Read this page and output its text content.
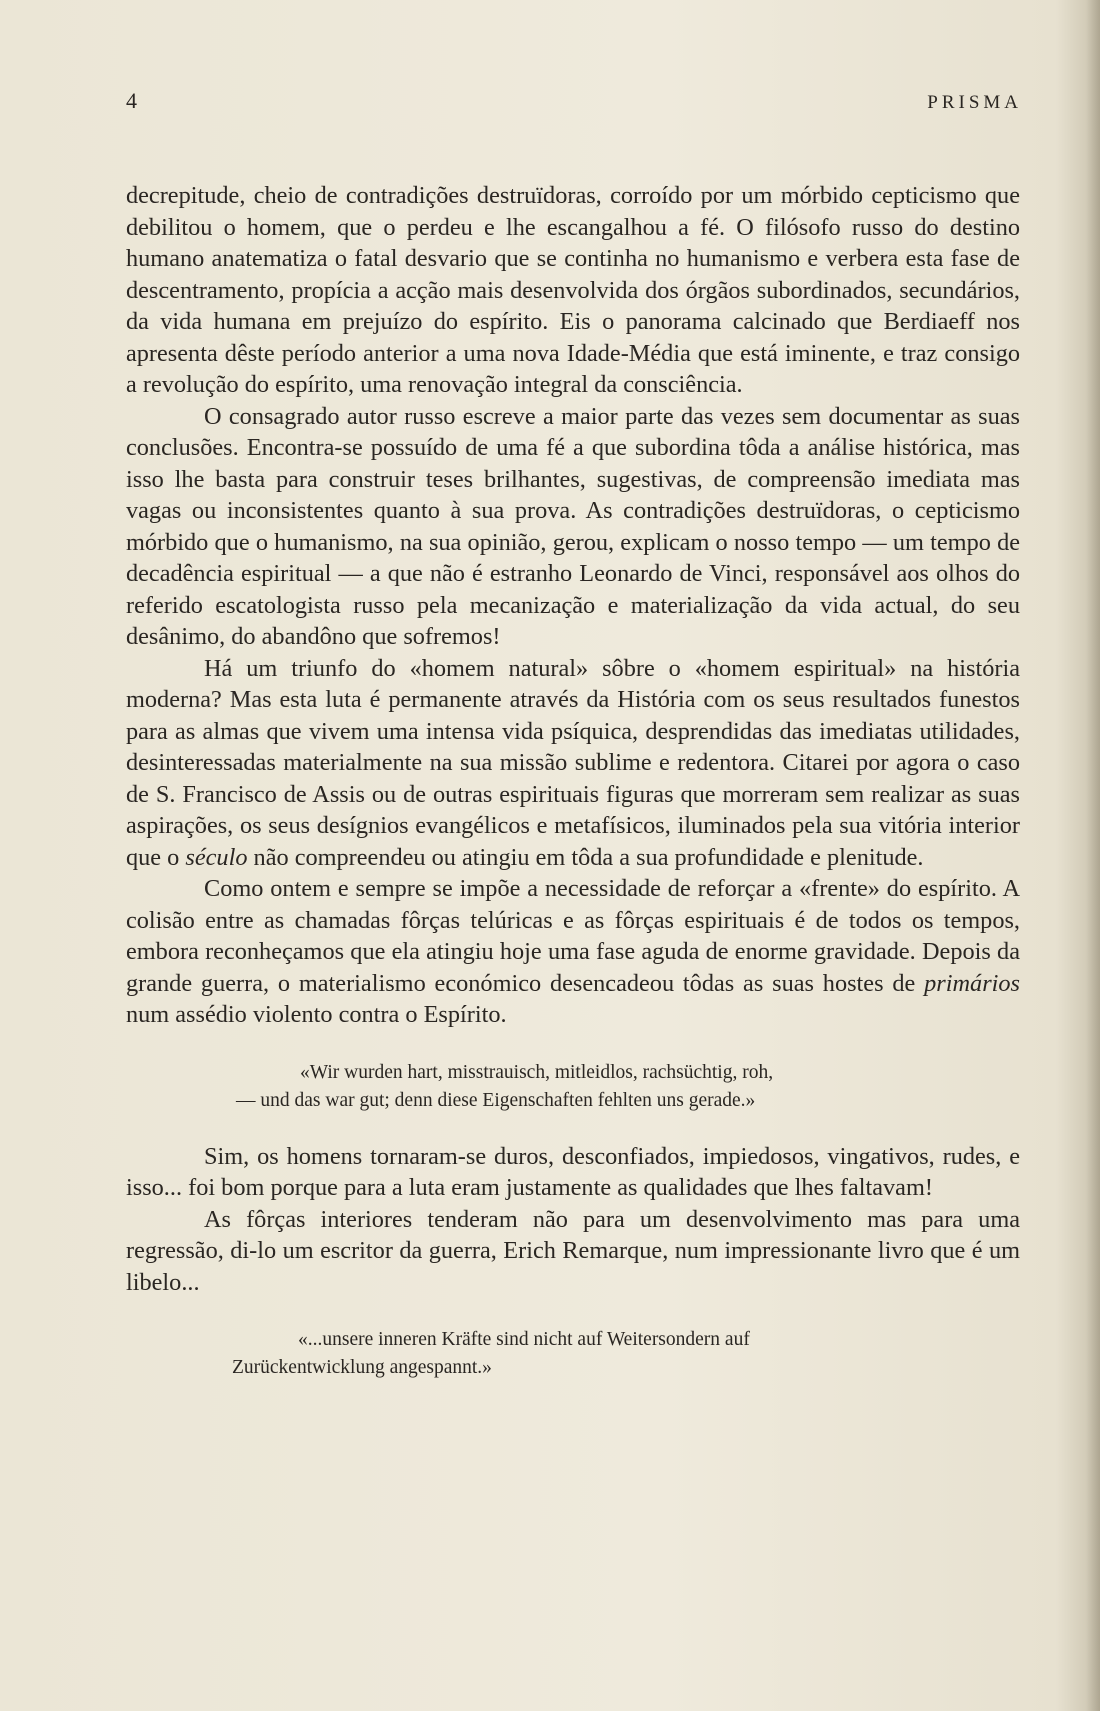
4	PRISMA

decrepitude, cheio de contradições destruïdoras, corroído por um mórbido cepticismo que debilitou o homem, que o perdeu e lhe escangalhou a fé. O filósofo russo do destino humano anatematiza o fatal desvario que se continha no humanismo e verbera esta fase de descentramento, propícia a acção mais desenvolvida dos órgãos subordinados, secundários, da vida humana em prejuízo do espírito. Eis o panorama calcinado que Berdiaeff nos apresenta dêste período anterior a uma nova Idade-Média que está iminente, e traz consigo a revolução do espírito, uma renovação integral da consciência.

O consagrado autor russo escreve a maior parte das vezes sem documentar as suas conclusões. Encontra-se possuído de uma fé a que subordina tôda a análise histórica, mas isso lhe basta para construir teses brilhantes, sugestivas, de compreensão imediata mas vagas ou inconsistentes quanto à sua prova. As contradições destruïdoras, o cepticismo mórbido que o humanismo, na sua opinião, gerou, explicam o nosso tempo — um tempo de decadência espiritual — a que não é estranho Leonardo de Vinci, responsável aos olhos do referido escatologista russo pela mecanização e materialização da vida actual, do seu desânimo, do abandôno que sofremos!

Há um triunfo do «homem natural» sôbre o «homem espiritual» na história moderna? Mas esta luta é permanente através da História com os seus resultados funestos para as almas que vivem uma intensa vida psíquica, desprendidas das imediatas utilidades, desinteressadas materialmente na sua missão sublime e redentora. Citarei por agora o caso de S. Francisco de Assis ou de outras espirituais figuras que morreram sem realizar as suas aspirações, os seus desígnios evangélicos e metafísicos, iluminados pela sua vitória interior que o século não compreendeu ou atingiu em tôda a sua profundidade e plenitude.

Como ontem e sempre se impõe a necessidade de reforçar a «frente» do espírito. A colisão entre as chamadas fôrças telúricas e as fôrças espirituais é de todos os tempos, embora reconheçamos que ela atingiu hoje uma fase aguda de enorme gravidade. Depois da grande guerra, o materialismo económico desencadeou tôdas as suas hostes de primários num assédio violento contra o Espírito.

«Wir wurden hart, misstrauisch, mitleidlos, rachsüchtig, roh,
— und das war gut; denn diese Eigenschaften fehlten uns gerade.»

Sim, os homens tornaram-se duros, desconfiados, impiedosos, vingativos, rudes, e isso... foi bom porque para a luta eram justamente as qualidades que lhes faltavam!

As fôrças interiores tenderam não para um desenvolvimento mas para uma regressão, di-lo um escritor da guerra, Erich Remarque, num impressionante livro que é um libelo...

«...unsere inneren Kräfte sind nicht auf Weitersondern auf
Zurückentwicklung angespannt.»
